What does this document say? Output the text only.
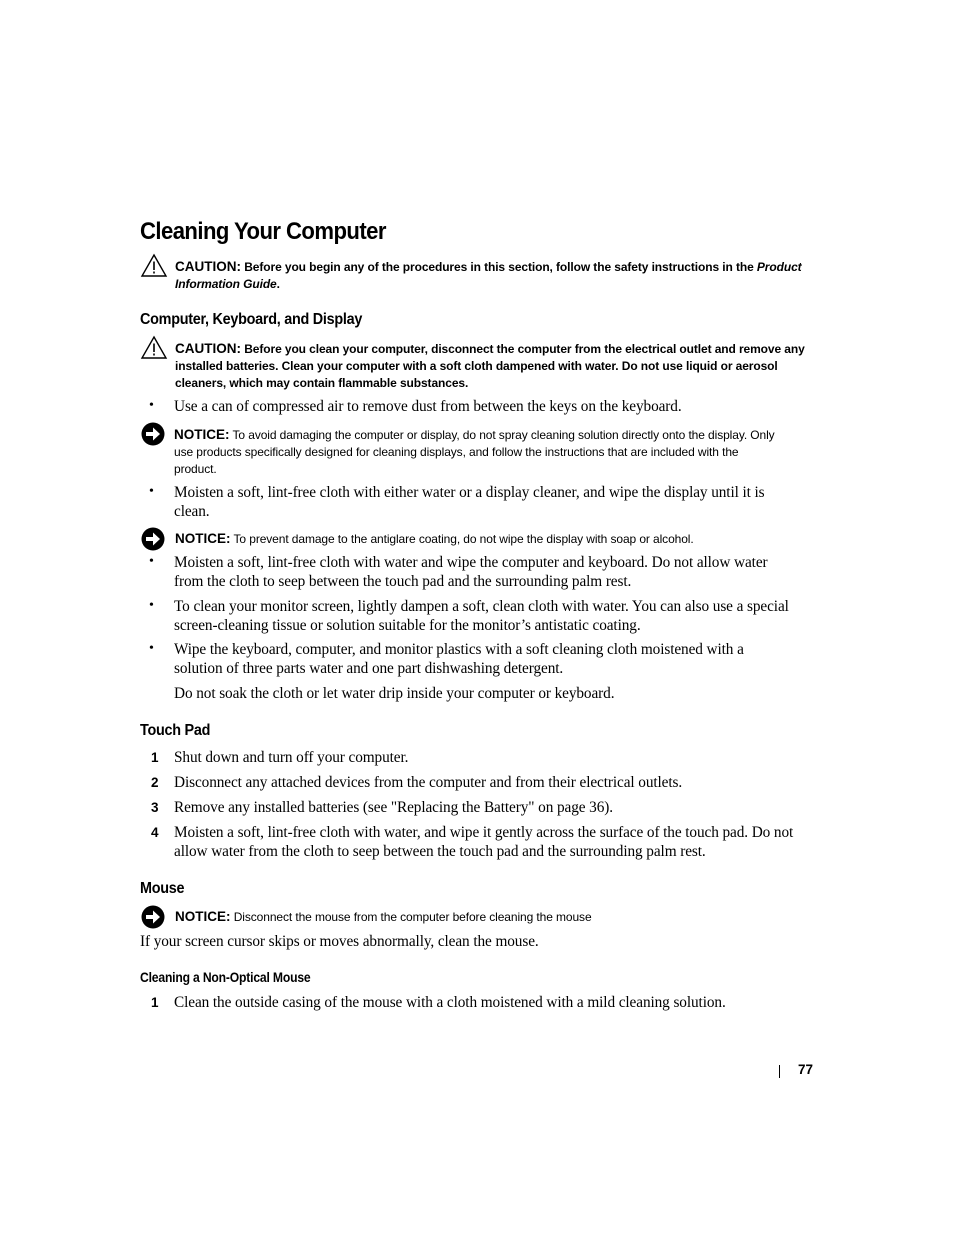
Cleaning Your Computer
CAUTION: Before you begin any of the procedures in this section, follow the safety instructions in the Product Information Guide.
Computer, Keyboard, and Display
CAUTION: Before you clean your computer, disconnect the computer from the electrical outlet and remove any
installed batteries. Clean your computer with a soft cloth dampened with water. Do not use liquid or aerosol
cleaners, which may contain flammable substances.
• Use a can of compressed air to remove dust from between the keys on the keyboard.
NOTICE: To avoid damaging the computer or display, do not spray cleaning solution directly onto the display. Only
use products specifically designed for cleaning displays, and follow the instructions that are included with the
product.
• Moisten a soft, lint-free cloth with either water or a display cleaner, and wipe the display until it is
clean.
NOTICE: To prevent damage to the antiglare coating, do not wipe the display with soap or alcohol.
• Moisten a soft, lint-free cloth with water and wipe the computer and keyboard. Do not allow water
from the cloth to seep between the touch pad and the surrounding palm rest.
• To clean your monitor screen, lightly dampen a soft, clean cloth with water. You can also use a special
screen-cleaning tissue or solution suitable for the monitor’s antistatic coating.
• Wipe the keyboard, computer, and monitor plastics with a soft cleaning cloth moistened with a
solution of three parts water and one part dishwashing detergent.
Do not soak the cloth or let water drip inside your computer or keyboard.
Touch Pad
1 Shut down and turn off your computer.
2 Disconnect any attached devices from the computer and from their electrical outlets.
3 Remove any installed batteries (see "Replacing the Battery" on page 36).
4 Moisten a soft, lint-free cloth with water, and wipe it gently across the surface of the touch pad. Do not
allow water from the cloth to seep between the touch pad and the surrounding palm rest.
Mouse
NOTICE: Disconnect the mouse from the computer before cleaning the mouse
If your screen cursor skips or moves abnormally, clean the mouse.
Cleaning a Non-Optical Mouse
1 Clean the outside casing of the mouse with a cloth moistened with a mild cleaning solution.
77
